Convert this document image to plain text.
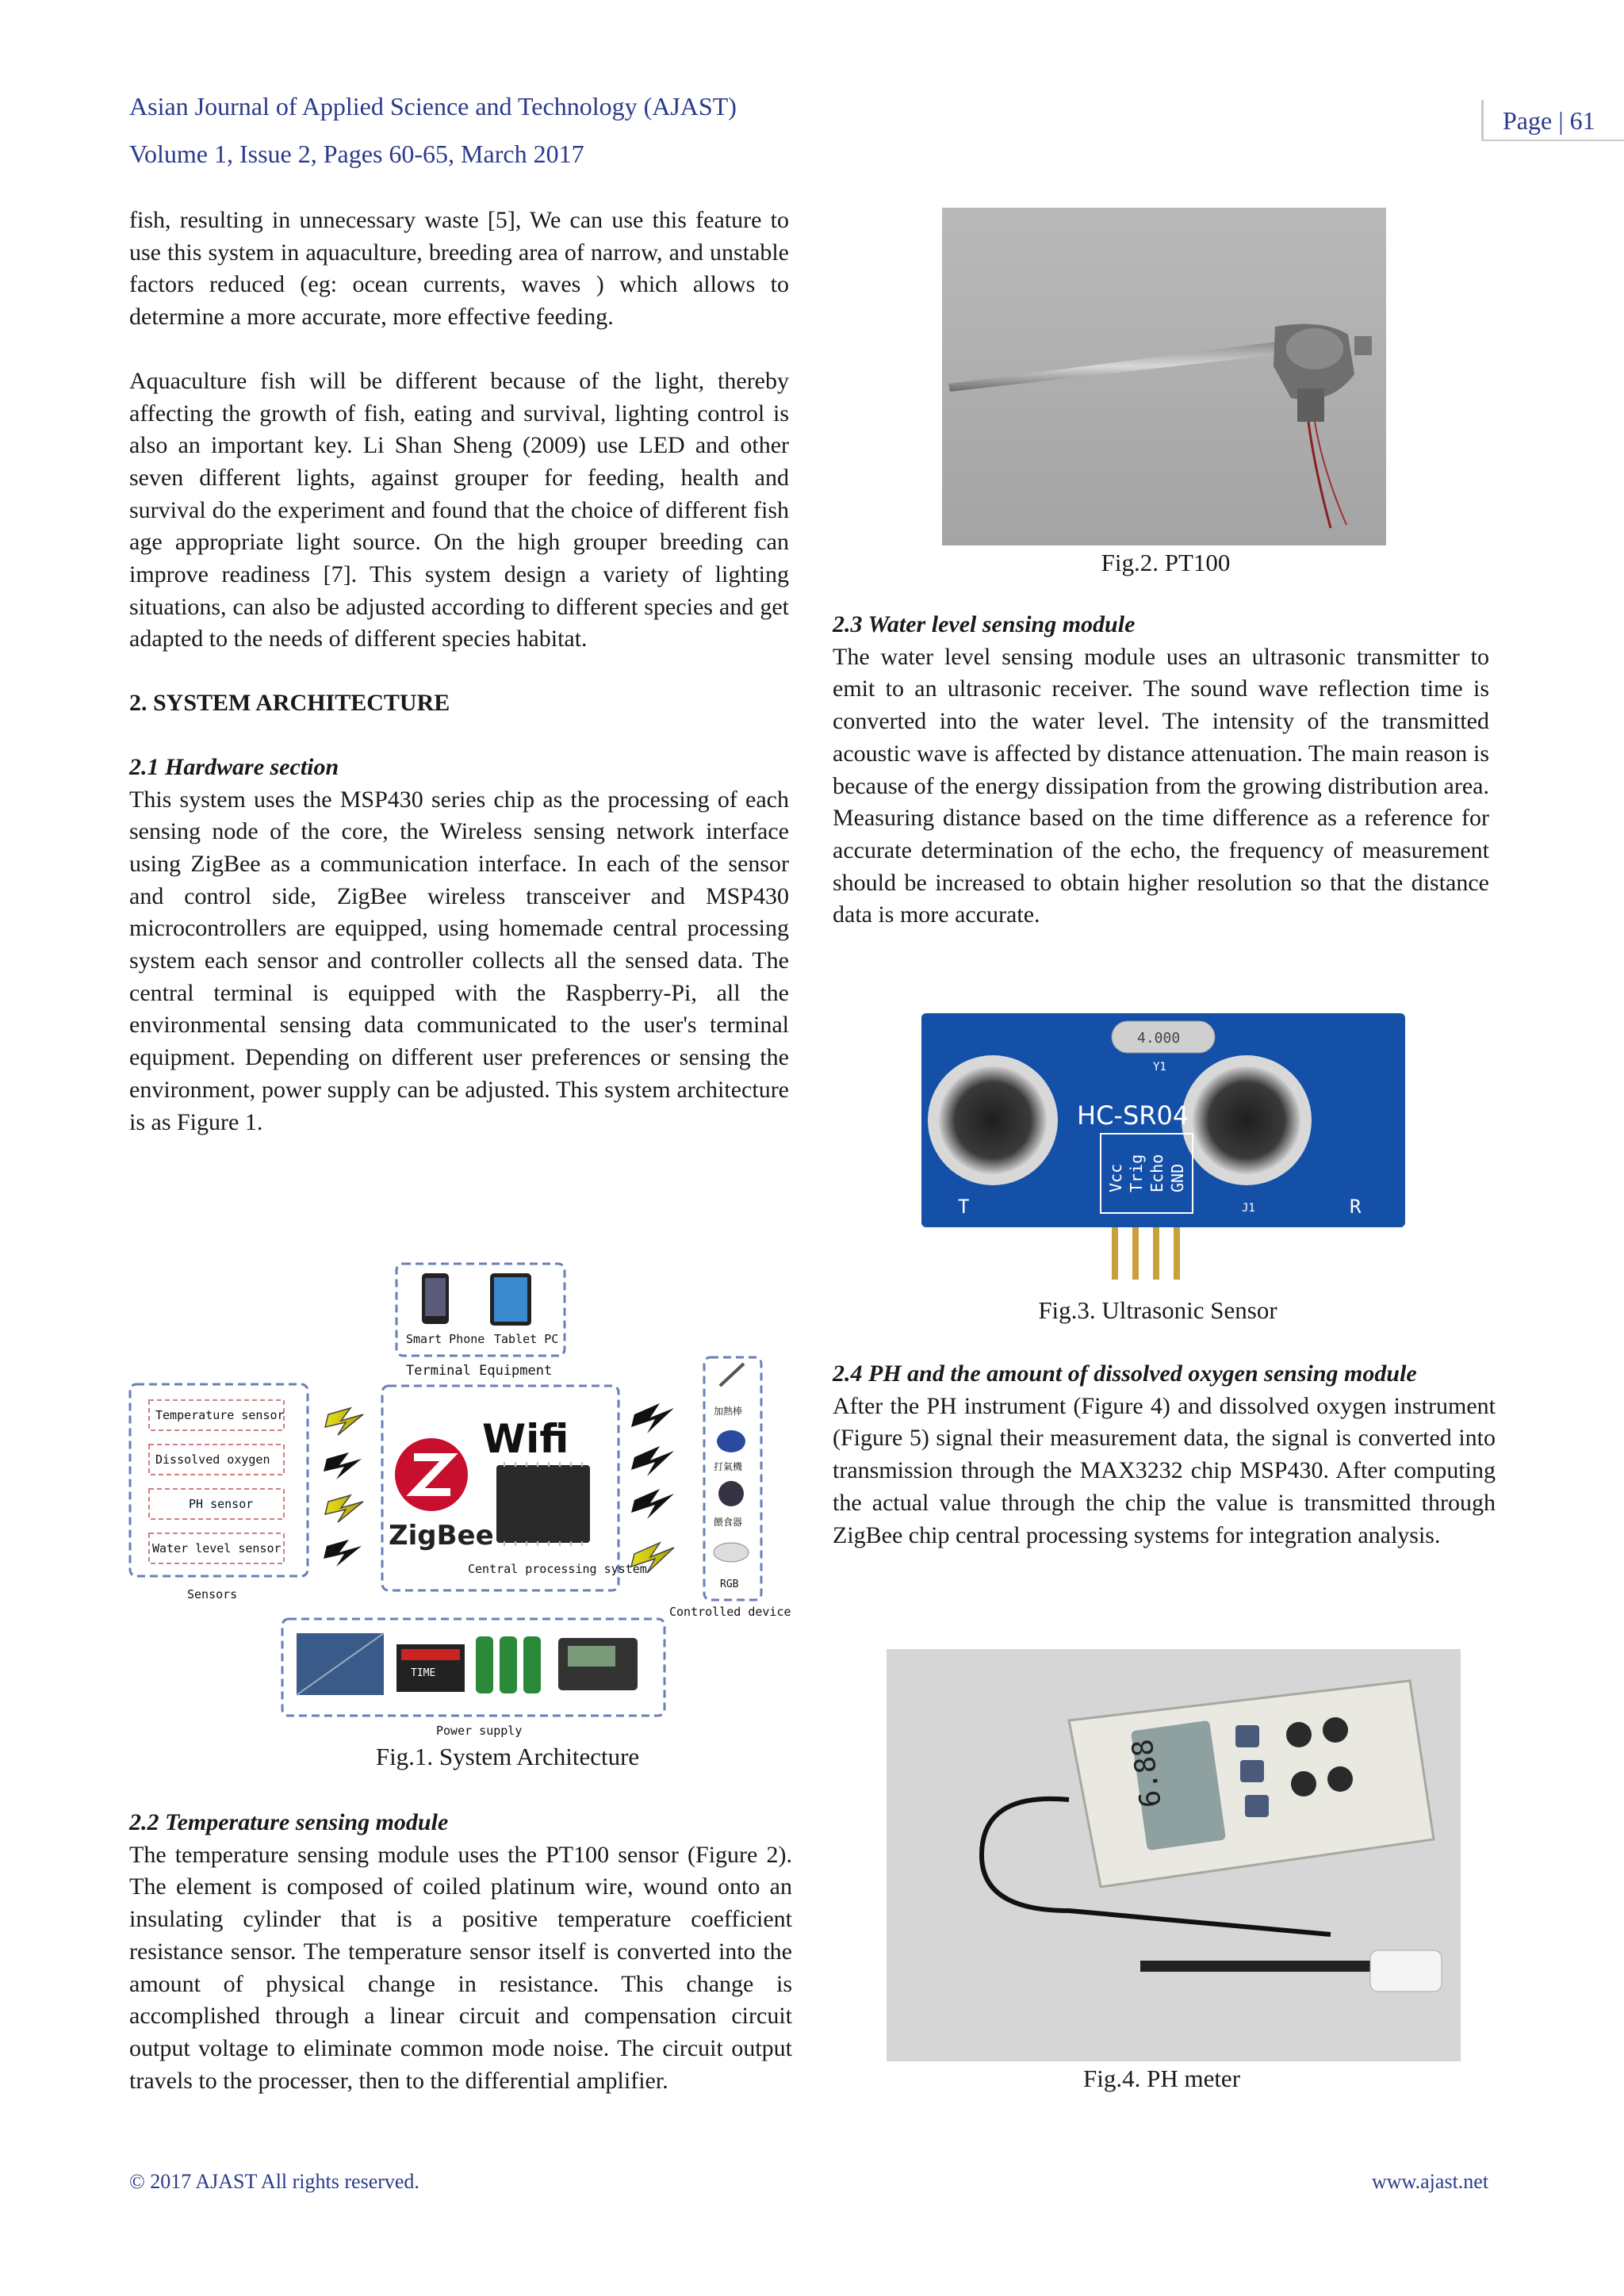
Asian Journal of Applied Science and Technology (AJAST)
Volume 1, Issue 2, Pages 60-65, March 2017
Page | 61

fish, resulting in unnecessary waste [5], We can use this feature to use this system in aquaculture, breeding area of narrow, and unstable factors reduced (eg: ocean currents, waves ) which allows to determine a more accurate, more effective feeding.

Aquaculture fish will be different because of the light, thereby affecting the growth of fish, eating and survival, lighting control is also an important key. Li Shan Sheng (2009) use LED and other seven different lights, against grouper for feeding, health and survival do the experiment and found that the choice of different fish age appropriate light source. On the high grouper breeding can improve readiness [7]. This system design a variety of lighting situations, can also be adjusted according to different species and get adapted to the needs of different species habitat.

2. SYSTEM ARCHITECTURE

2.1 Hardware section

This system uses the MSP430 series chip as the processing of each sensing node of the core, the Wireless sensing network interface using ZigBee as a communication interface. In each of the sensor and control side, ZigBee wireless transceiver and MSP430 microcontrollers are equipped, using homemade central processing system each sensor and controller collects all the sensed data. The central terminal is equipped with the Raspberry-Pi, all the environmental sensing data communicated to the user's terminal equipment. Depending on different user preferences or sensing the environment, power supply can be adjusted. This system architecture is as Figure 1.

Smart Phone Tablet PC
Terminal Equipment
Temperature sensor
Dissolved oxygen
PH sensor
Water level sensor
Sensors
ZigBee
Wifi
Central processing system
加熱棒
打氣機
餵食器
RGB
Controlled device
TIME
Power supply
Fig.1. System Architecture

2.2 Temperature sensing module

The temperature sensing module uses the PT100 sensor (Figure 2). The element is composed of coiled platinum wire, wound onto an insulating cylinder that is a positive temperature coefficient resistance sensor. The temperature sensor itself is converted into the amount of physical change in resistance. This change is accomplished through a linear circuit and compensation circuit output voltage to eliminate common mode noise. The circuit output travels to the processer, then to the differential amplifier.

Fig.2. PT100

2.3 Water level sensing module

The water level sensing module uses an ultrasonic transmitter to emit to an ultrasonic receiver. The sound wave reflection time is converted into the water level. The intensity of the transmitted acoustic wave is affected by distance attenuation. The main reason is because of the energy dissipation from the growing distribution area. Measuring distance based on the time difference as a reference for accurate determination of the echo, the frequency of measurement should be increased to obtain higher resolution so that the distance data is more accurate.

4.000
Y1
HC-SR04
Vcc Trig Echo GND
T	R
J1
Fig.3. Ultrasonic Sensor

2.4 PH and the amount of dissolved oxygen sensing module

After the PH instrument (Figure 4) and dissolved oxygen instrument (Figure 5) signal their measurement data, the signal is converted into transmission through the MAX3232 chip MSP430. After computing the actual value through the chip the value is transmitted through ZigBee chip central processing systems for integration analysis.

6.88
Fig.4. PH meter
© 2017 AJAST All rights reserved.	www.ajast.net
